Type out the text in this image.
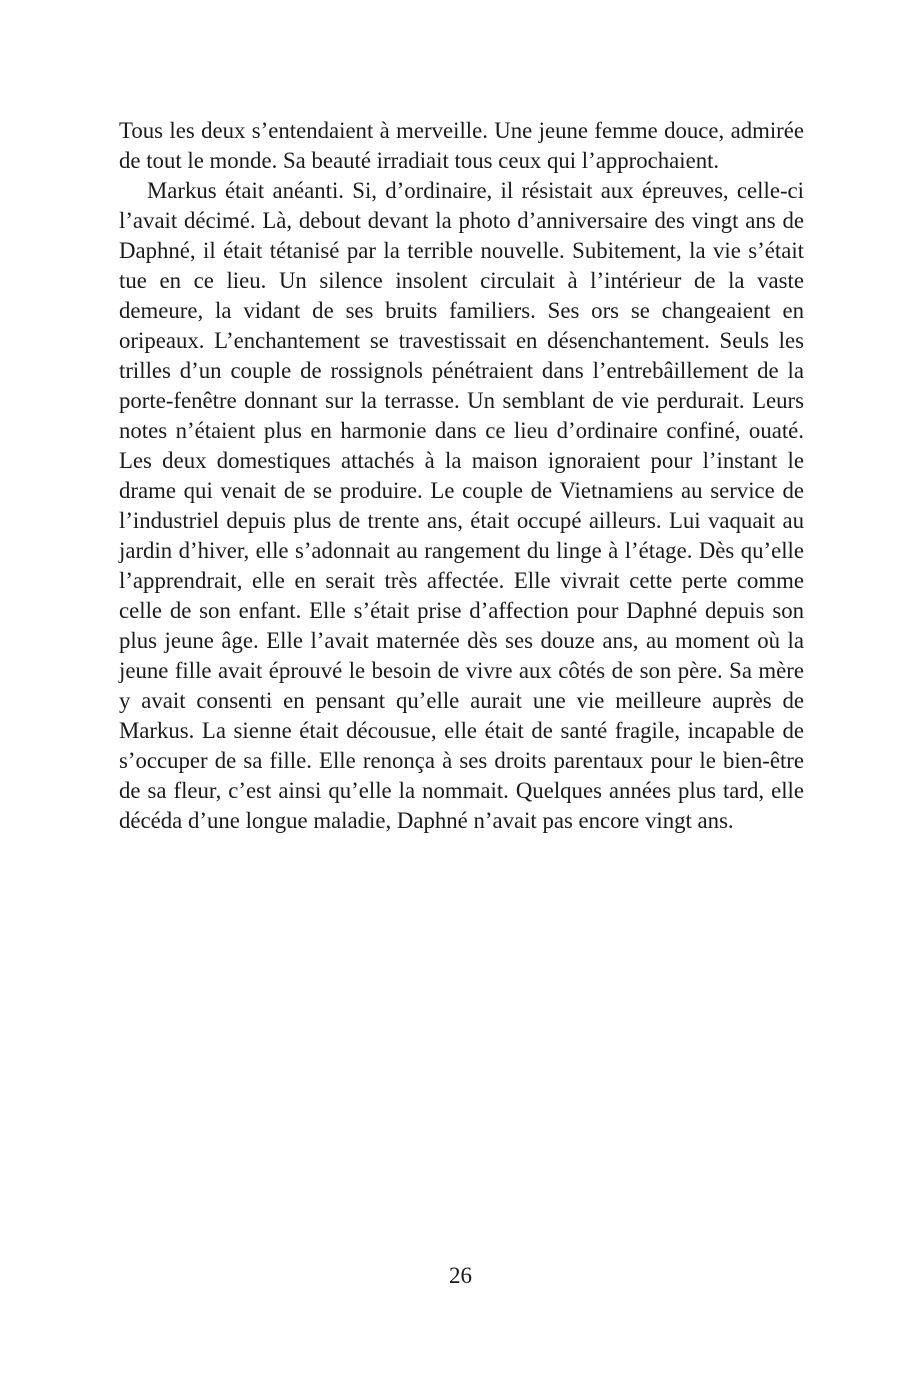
Tous les deux s’entendaient à merveille. Une jeune femme douce, admirée de tout le monde. Sa beauté irradiait tous ceux qui l’approchaient.

Markus était anéanti. Si, d’ordinaire, il résistait aux épreuves, celle-ci l’avait décimé. Là, debout devant la photo d’anniversaire des vingt ans de Daphné, il était tétanisé par la terrible nouvelle. Subitement, la vie s’était tue en ce lieu. Un silence insolent circulait à l’intérieur de la vaste demeure, la vidant de ses bruits familiers. Ses ors se changeaient en oripeaux. L’enchantement se travestissait en désenchantement. Seuls les trilles d’un couple de rossignols pénétraient dans l’entrebâillement de la porte-fenêtre donnant sur la terrasse. Un semblant de vie perdurait. Leurs notes n’étaient plus en harmonie dans ce lieu d’ordinaire confiné, ouaté. Les deux domestiques attachés à la maison ignoraient pour l’instant le drame qui venait de se produire. Le couple de Vietnamiens au service de l’industriel depuis plus de trente ans, était occupé ailleurs. Lui vaquait au jardin d’hiver, elle s’adonnait au rangement du linge à l’étage. Dès qu’elle l’apprendrait, elle en serait très affectée. Elle vivrait cette perte comme celle de son enfant. Elle s’était prise d’affection pour Daphné depuis son plus jeune âge. Elle l’avait maternée dès ses douze ans, au moment où la jeune fille avait éprouvé le besoin de vivre aux côtés de son père. Sa mère y avait consenti en pensant qu’elle aurait une vie meilleure auprès de Markus. La sienne était décousue, elle était de santé fragile, incapable de s’occuper de sa fille. Elle renonça à ses droits parentaux pour le bien-être de sa fleur, c’est ainsi qu’elle la nommait. Quelques années plus tard, elle décéda d’une longue maladie, Daphné n’avait pas encore vingt ans.

26
